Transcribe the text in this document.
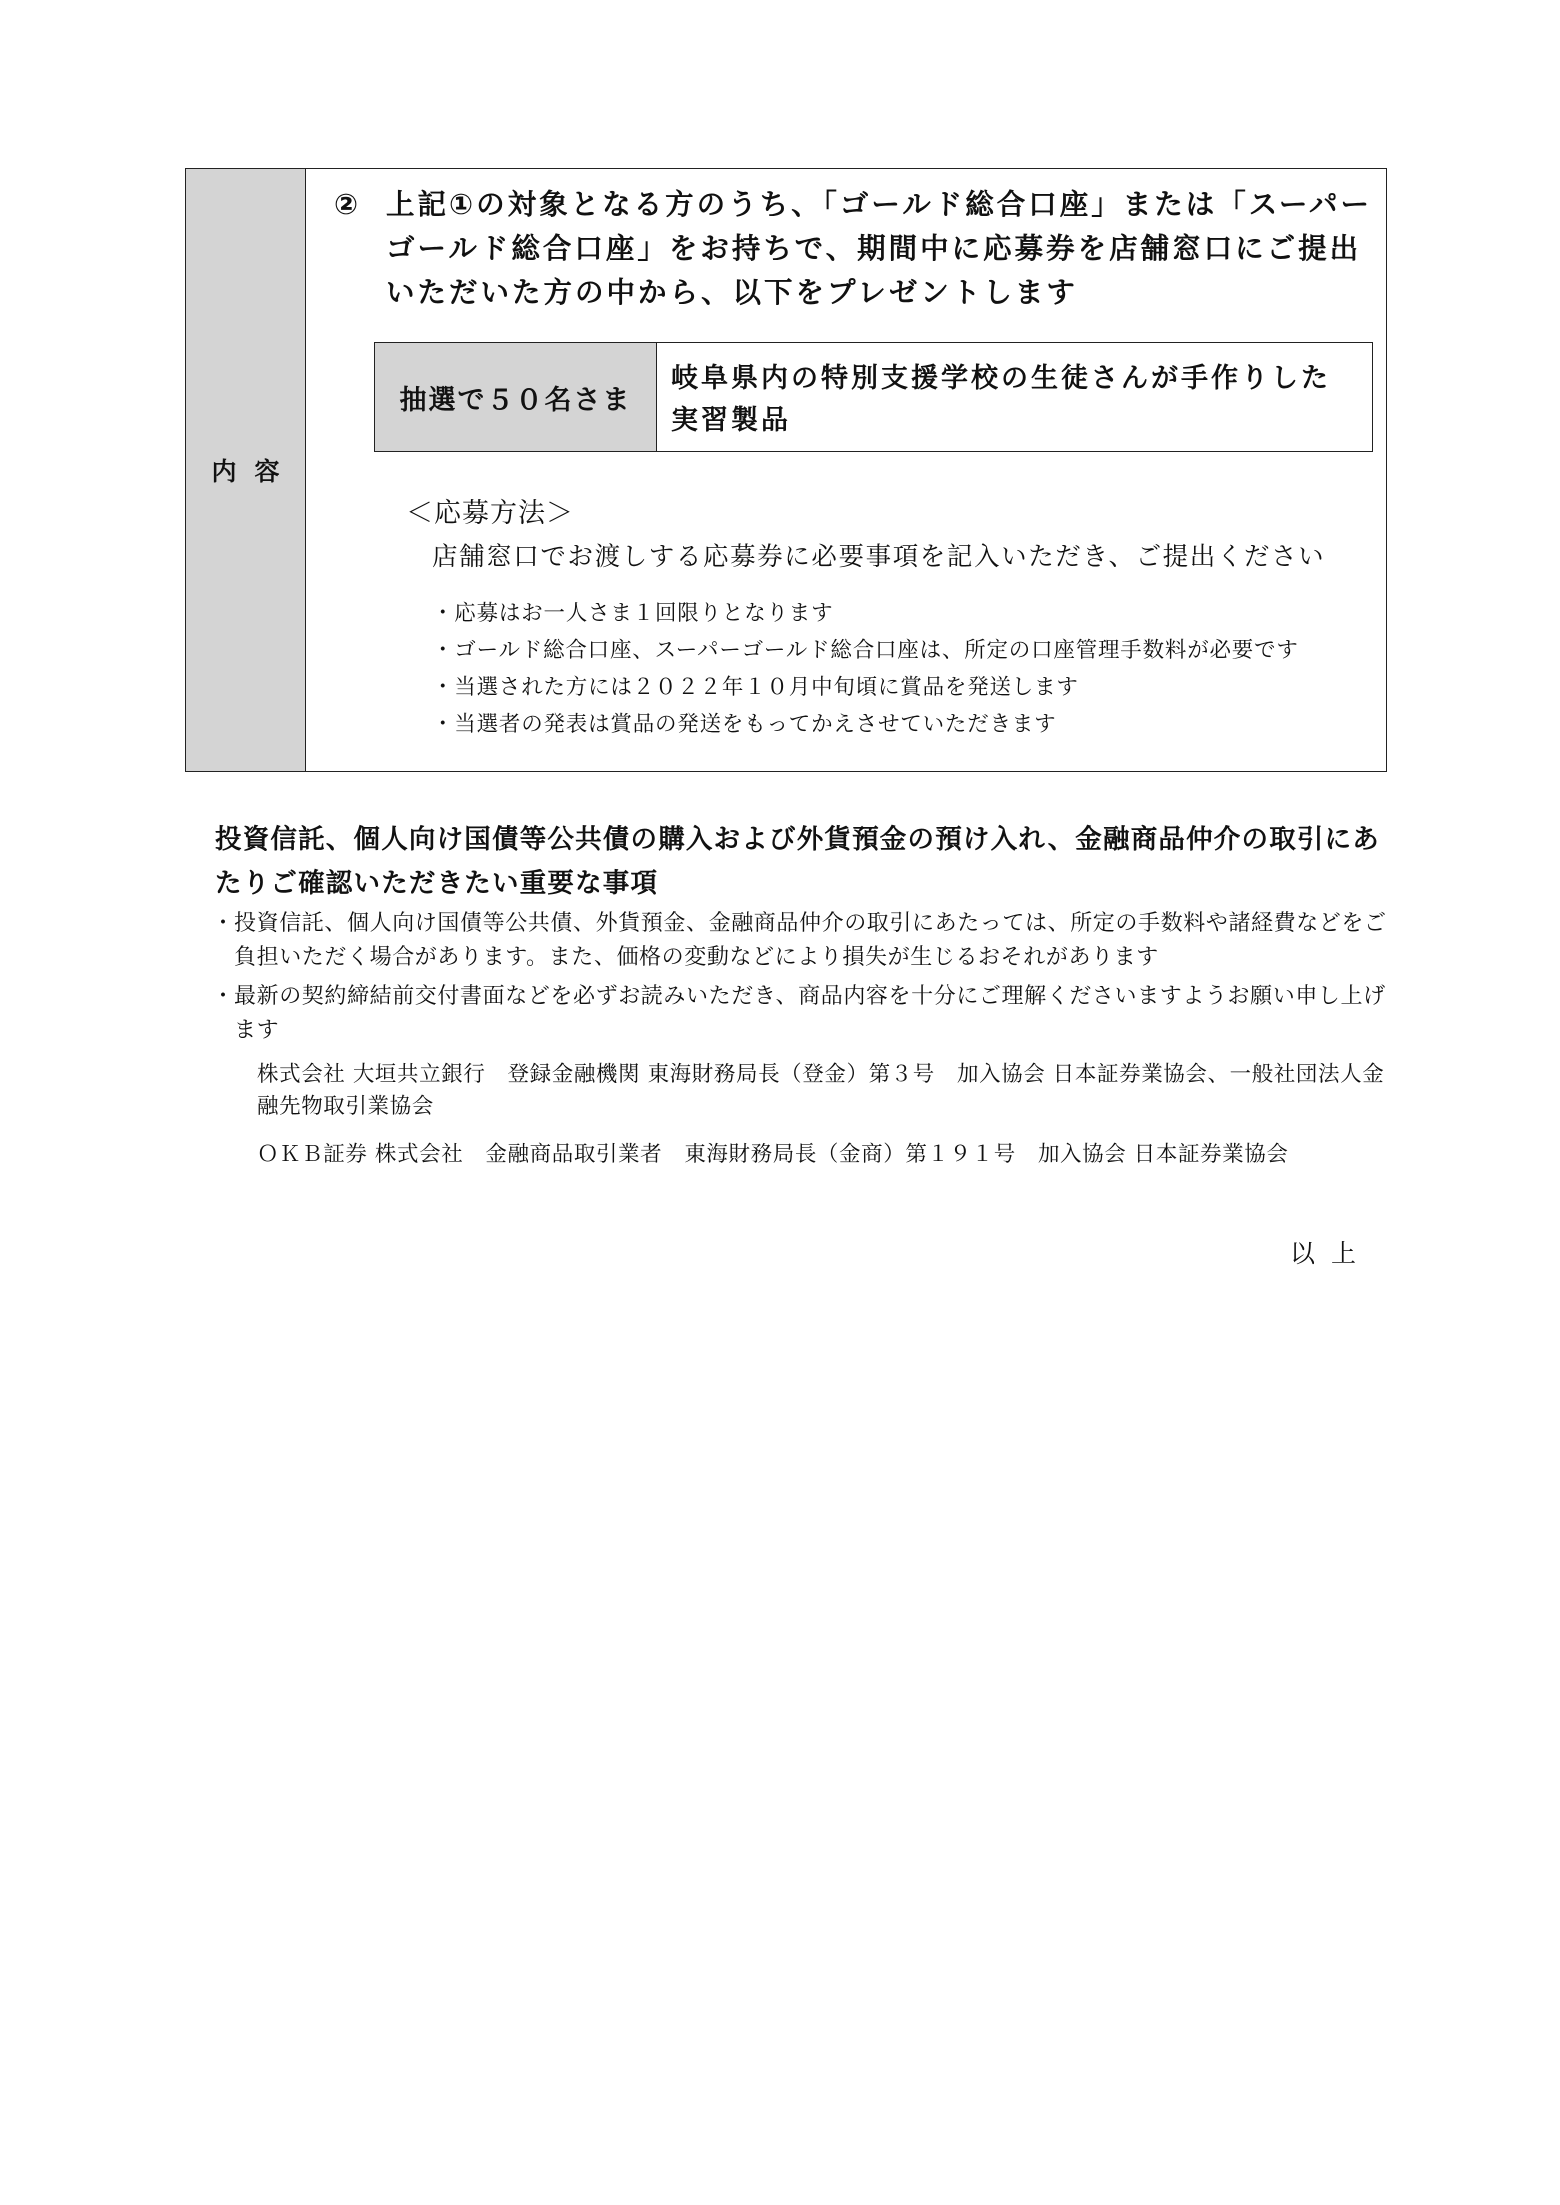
内容
② 上記①の対象となる方のうち、「ゴールド総合口座」または「スーパーゴールド総合口座」をお持ちで、期間中に応募券を店舗窓口にご提出いただいた方の中から、以下をプレゼントします
抽選で５０名さま
岐阜県内の特別支援学校の生徒さんが手作りした実習製品
＜応募方法＞
店舗窓口でお渡しする応募券に必要事項を記入いただき、ご提出ください
・応募はお一人さま１回限りとなります
・ゴールド総合口座、スーパーゴールド総合口座は、所定の口座管理手数料が必要です
・当選された方には２０２２年１０月中旬頃に賞品を発送します
・当選者の発表は賞品の発送をもってかえさせていただきます
投資信託、個人向け国債等公共債の購入および外貨預金の預け入れ、金融商品仲介の取引にあたりご確認いただきたい重要な事項
・ 投資信託、個人向け国債等公共債、外貨預金、金融商品仲介の取引にあたっては、所定の手数料や諸経費などをご負担いただく場合があります。また、価格の変動などにより損失が生じるおそれがあります
・ 最新の契約締結前交付書面などを必ずお読みいただき、商品内容を十分にご理解くださいますようお願い申し上げます
株式会社 大垣共立銀行　登録金融機関 東海財務局長（登金）第３号　加入協会 日本証券業協会、一般社団法人金融先物取引業協会
ＯＫＢ証券 株式会社　金融商品取引業者　東海財務局長（金商）第１９１号　加入協会 日本証券業協会
以上
